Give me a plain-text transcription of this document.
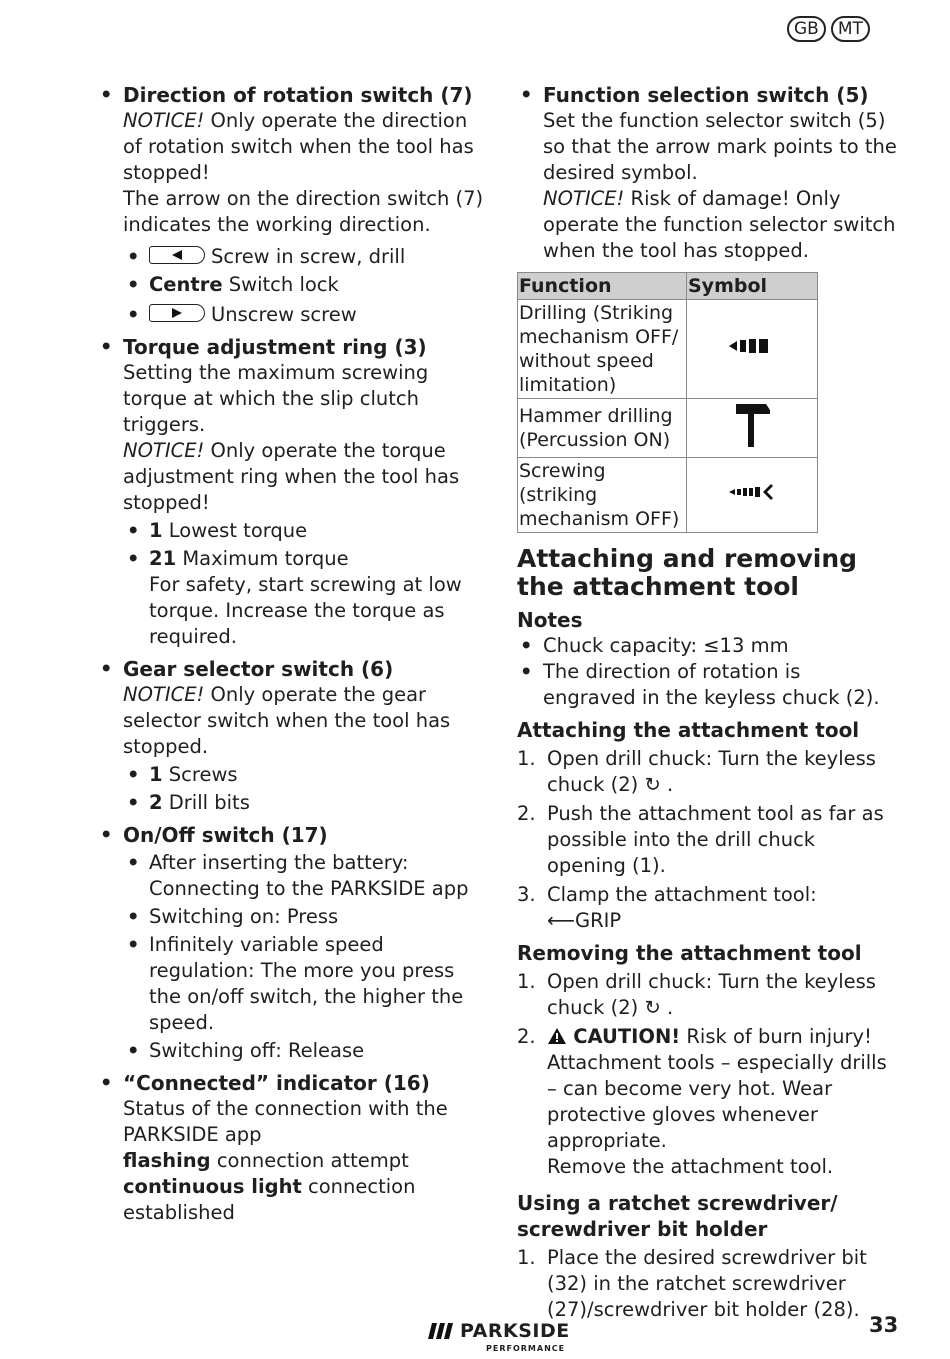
GB	MT
• Direction of rotation switch (7)
NOTICE! Only operate the direction of rotation switch when the tool has stopped!
The arrow on the direction switch (7) indicates the working direction.
• Screw in screw, drill
• Centre Switch lock
• Unscrew screw
• Torque adjustment ring (3)
Setting the maximum screwing torque at which the slip clutch triggers.
NOTICE! Only operate the torque adjustment ring when the tool has stopped!
• 1 Lowest torque
• 21 Maximum torque
For safety, start screwing at low torque. Increase the torque as required.
• Gear selector switch (6)
NOTICE! Only operate the gear selector switch when the tool has stopped.
• 1 Screws
• 2 Drill bits
• On/Off switch (17)
• After inserting the battery: Connecting to the PARKSIDE app
• Switching on: Press
• Infinitely variable speed regulation: The more you press the on/off switch, the higher the speed.
• Switching off: Release
• “Connected” indicator (16)
Status of the connection with the PARKSIDE app
flashing connection attempt
continuous light connection established
• Function selection switch (5)
Set the function selector switch (5) so that the arrow mark points to the desired symbol.
NOTICE! Risk of damage! Only operate the function selector switch when the tool has stopped.
Function	Symbol
Drilling (Striking mechanism OFF/ without speed limitation)	
Hammer drilling (Percussion ON)	
Screwing (striking mechanism OFF)	
Attaching and removing the attachment tool
Notes
• Chuck capacity: ≤13 mm
• The direction of rotation is engraved in the keyless chuck (2).
Attaching the attachment tool
1. Open drill chuck: Turn the keyless chuck (2) ↻ .
2. Push the attachment tool as far as possible into the drill chuck opening (1).
3. Clamp the attachment tool: ⟵GRIP
Removing the attachment tool
1. Open drill chuck: Turn the keyless chuck (2) ↻ .
2. CAUTION! Risk of burn injury! Attachment tools – especially drills – can become very hot. Wear protective gloves whenever appropriate.
Remove the attachment tool.
Using a ratchet screwdriver/ screwdriver bit holder
1. Place the desired screwdriver bit (32) in the ratchet screwdriver (27)/screwdriver bit holder (28).
PARKSIDE
PERFORMANCE
33
